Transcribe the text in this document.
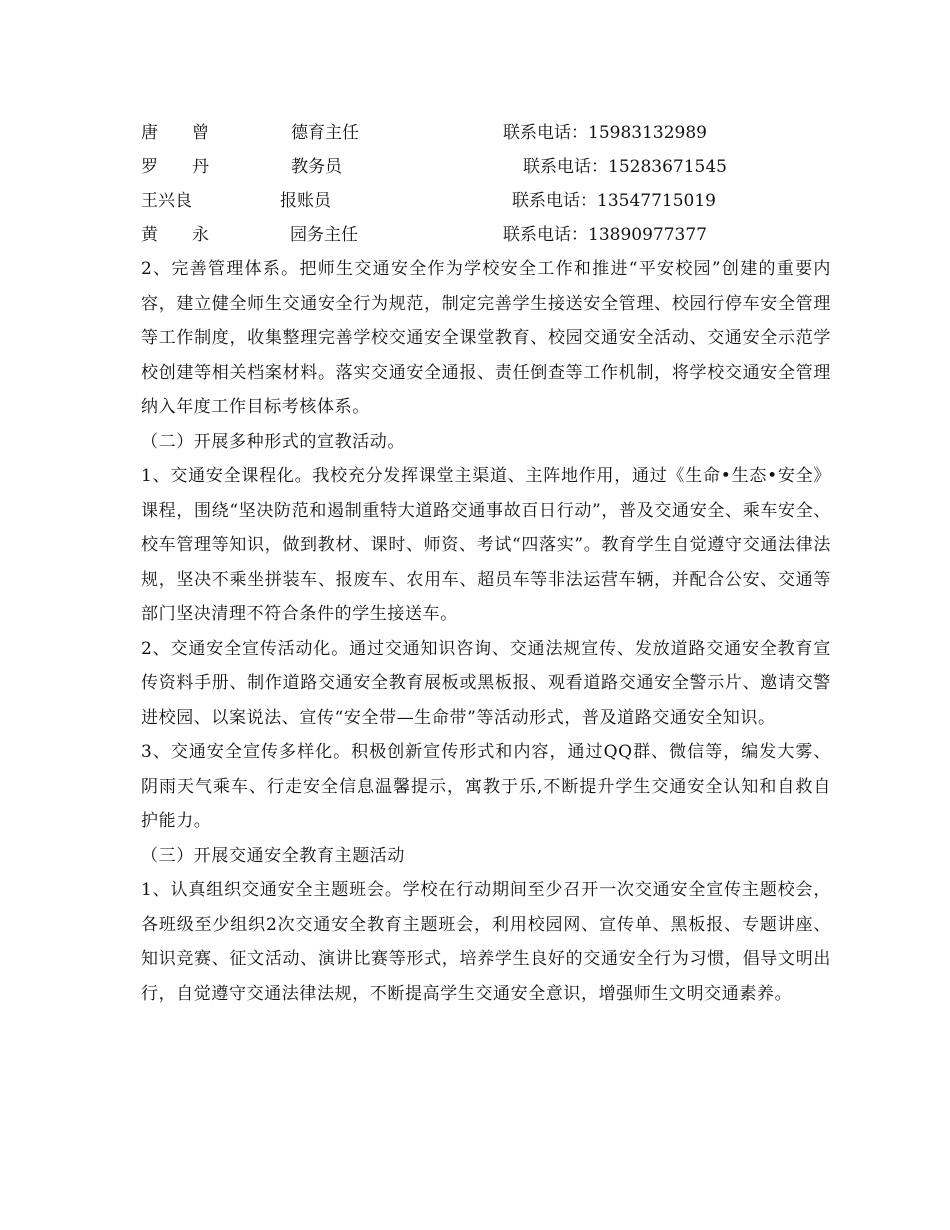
唐　　曾	德育主任	联系电话：15983132989
罗　　丹	教务员	联系电话：15283671545
王兴良	报账员	联系电话：13547715019
黄　　永	园务主任	联系电话：13890977377

2、完善管理体系。把师生交通安全作为学校安全工作和推进“平安校园”创建的重要内容，建立健全师生交通安全行为规范，制定完善学生接送安全管理、校园行停车安全管理等工作制度，收集整理完善学校交通安全课堂教育、校园交通安全活动、交通安全示范学校创建等相关档案材料。落实交通安全通报、责任倒查等工作机制，将学校交通安全管理纳入年度工作目标考核体系。

（二）开展多种形式的宣教活动。

1、交通安全课程化。我校充分发挥课堂主渠道、主阵地作用，通过《生命•生态•安全》课程，围绕“坚决防范和遏制重特大道路交通事故百日行动”，普及交通安全、乘车安全、校车管理等知识，做到教材、课时、师资、考试“四落实”。教育学生自觉遵守交通法律法规，坚决不乘坐拼装车、报废车、农用车、超员车等非法运营车辆，并配合公安、交通等部门坚决清理不符合条件的学生接送车。

2、交通安全宣传活动化。通过交通知识咨询、交通法规宣传、发放道路交通安全教育宣传资料手册、制作道路交通安全教育展板或黑板报、观看道路交通安全警示片、邀请交警进校园、以案说法、宣传“安全带—生命带”等活动形式，普及道路交通安全知识。

3、交通安全宣传多样化。积极创新宣传形式和内容，通过QQ群、微信等，编发大雾、阴雨天气乘车、行走安全信息温馨提示，寓教于乐,不断提升学生交通安全认知和自救自护能力。

（三）开展交通安全教育主题活动

1、认真组织交通安全主题班会。学校在行动期间至少召开一次交通安全宣传主题校会，各班级至少组织2次交通安全教育主题班会，利用校园网、宣传单、黑板报、专题讲座、知识竞赛、征文活动、演讲比赛等形式，培养学生良好的交通安全行为习惯，倡导文明出行，自觉遵守交通法律法规，不断提高学生交通安全意识，增强师生文明交通素养。
